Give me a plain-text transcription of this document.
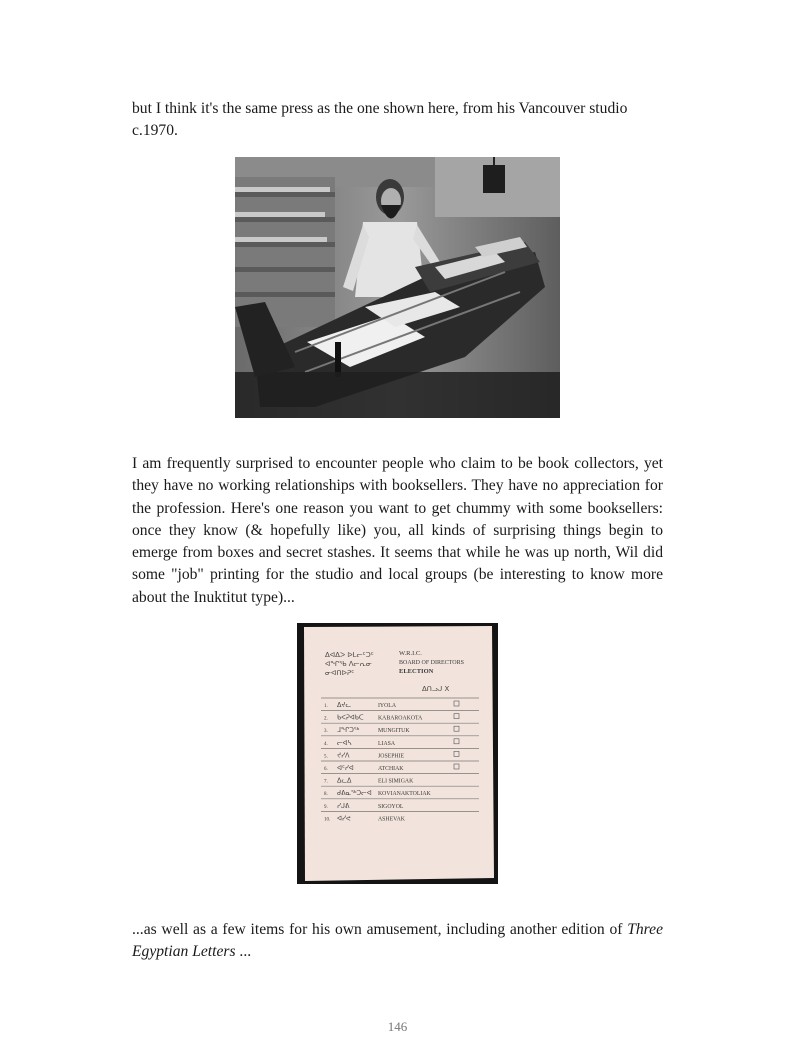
but I think it's the same press as the one shown here, from his Vancouver studio c.1970.

I am frequently surprised to encounter people who claim to be book collectors, yet they have no working relationships with booksellers. They have no appreciation for the profession. Here's one reason you want to get chummy with some booksellers: once they know (& hopefully like) you, all kinds of surprising things begin to emerge from boxes and secret stashes. It seems that while he was up north, Wil did some "job" printing for the studio and local groups (be interesting to know more about the Inuktitut type)...

ᐃᐊᐃᐳ ᐅᒪᓕᑦᑐᑦ
ᐊᖏᕐᑲ ᐱᓕᕆᓂ
ᓂᐊᑎᐅᕈᑦ
W.R.I.C.
BOARD OF DIRECTORS
ELECTION
ᐃᑎᓗᒍ X
1. ᐃᔪᓚ	IYOLA
2. ᑲᐸᕈᐊᑲᑕ KABAROAKOTA
3. ᒧᖏᑐᖅ	MUNGITUK
4. ᓕᐊᓴ	LIASA
5. ᔪᓯᐱ	JOSEPHIE
6. ᐊᑦᓯᐊ	ATCHIAK
7. ᐃᓚᐃ	ELI SIMIGAK
8. ᑯᕕᓇᖅᑐᓕᐊ KOVIANAKTOLIAK
9. ᓯᒍᕕ	SIGOYOL
10. ᐊᓯᕙ	ASHEVAK

...as well as a few items for his own amusement, including another edition of Three Egyptian Letters ...

146
